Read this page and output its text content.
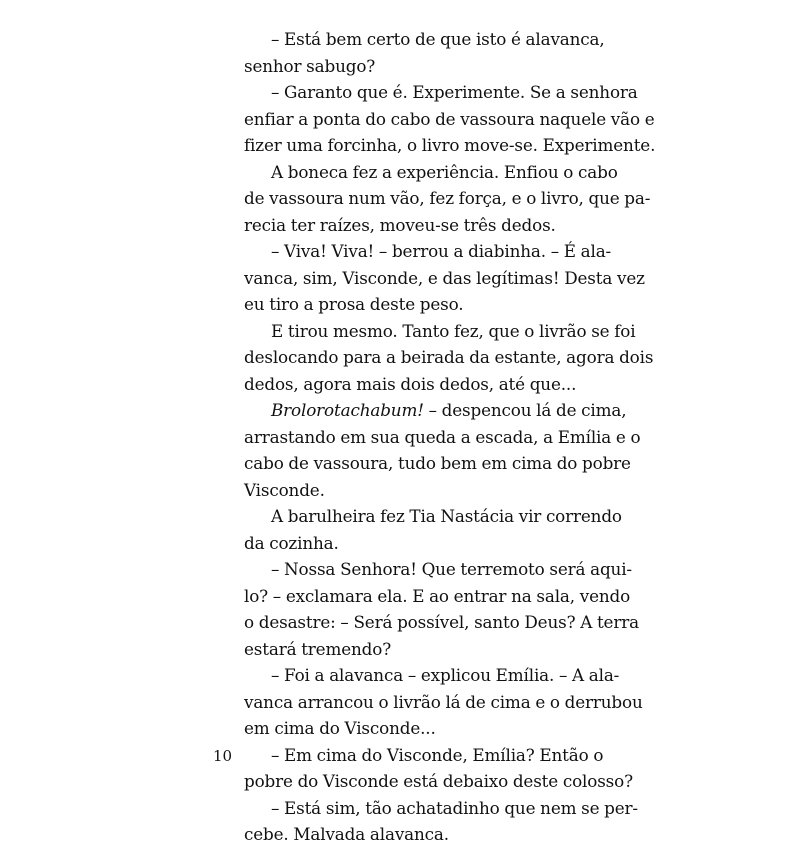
– Está bem certo de que isto é alavanca,
senhor sabugo?
– Garanto que é. Experimente. Se a senhora
enfiar a ponta do cabo de vassoura naquele vão e
fizer uma forcinha, o livro move-se. Experimente.
A boneca fez a experiência. Enfiou o cabo
de vassoura num vão, fez força, e o livro, que pa-
recia ter raízes, moveu-se três dedos.
– Viva! Viva! – berrou a diabinha. – É ala-
vanca, sim, Visconde, e das legítimas! Desta vez
eu tiro a prosa deste peso.
E tirou mesmo. Tanto fez, que o livrão se foi
deslocando para a beirada da estante, agora dois
dedos, agora mais dois dedos, até que...
Brolorotachabum! – despencou lá de cima,
arrastando em sua queda a escada, a Emília e o
cabo de vassoura, tudo bem em cima do pobre
Visconde.
A barulheira fez Tia Nastácia vir correndo
da cozinha.
– Nossa Senhora! Que terremoto será aqui-
lo? – exclamara ela. E ao entrar na sala, vendo
o desastre: – Será possível, santo Deus? A terra
estará tremendo?
– Foi a alavanca – explicou Emília. – A ala-
vanca arrancou o livrão lá de cima e o derrubou
em cima do Visconde...
– Em cima do Visconde, Emília? Então o
pobre do Visconde está debaixo deste colosso?
– Está sim, tão achatadinho que nem se per-
cebe. Malvada alavanca.
10
